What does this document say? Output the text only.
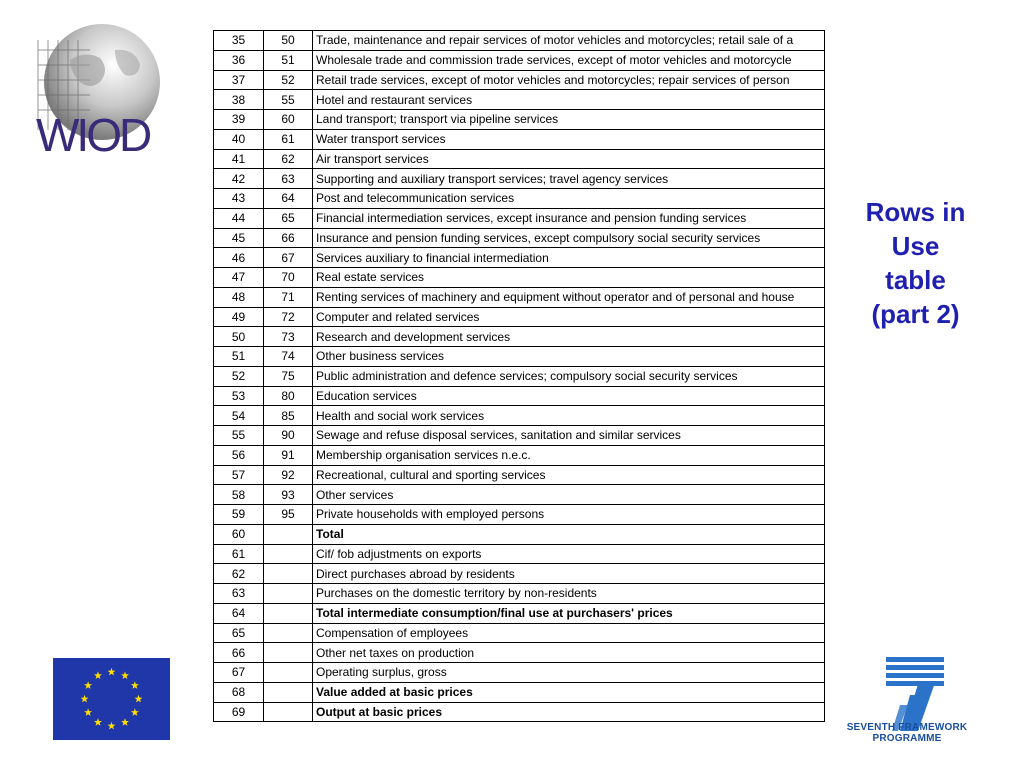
WIOD
35	50	Trade, maintenance and repair services of motor vehicles and motorcycles; retail sale of a
36	51	Wholesale trade and commission trade services, except of motor vehicles and motorcycle
37	52	Retail trade services, except of motor vehicles and motorcycles; repair services of person
38	55	Hotel and restaurant services
39	60	Land transport; transport via pipeline services
40	61	Water transport services
41	62	Air transport services
42	63	Supporting and auxiliary transport services; travel agency services
43	64	Post and telecommunication services
44	65	Financial intermediation services, except insurance and pension funding services
45	66	Insurance and pension funding services, except compulsory social security services
46	67	Services auxiliary to financial intermediation
47	70	Real estate services
48	71	Renting services of machinery and equipment without operator and of personal and house
49	72	Computer and related services
50	73	Research and development services
51	74	Other business services
52	75	Public administration and defence services; compulsory social security services
53	80	Education services
54	85	Health and social work services
55	90	Sewage and refuse disposal services, sanitation and similar services
56	91	Membership organisation services n.e.c.
57	92	Recreational, cultural and sporting services
58	93	Other services
59	95	Private households with employed persons
60		Total
61		Cif/ fob adjustments on exports
62		Direct purchases abroad by residents
63		Purchases on the domestic territory by non-residents
64		Total intermediate consumption/final use at purchasers' prices
65		Compensation of employees
66		Other net taxes on production
67		Operating surplus, gross
68		Value added at basic prices
69		Output at basic prices
Rows in
Use
table
(part 2)
SEVENTH FRAMEWORK
PROGRAMME
